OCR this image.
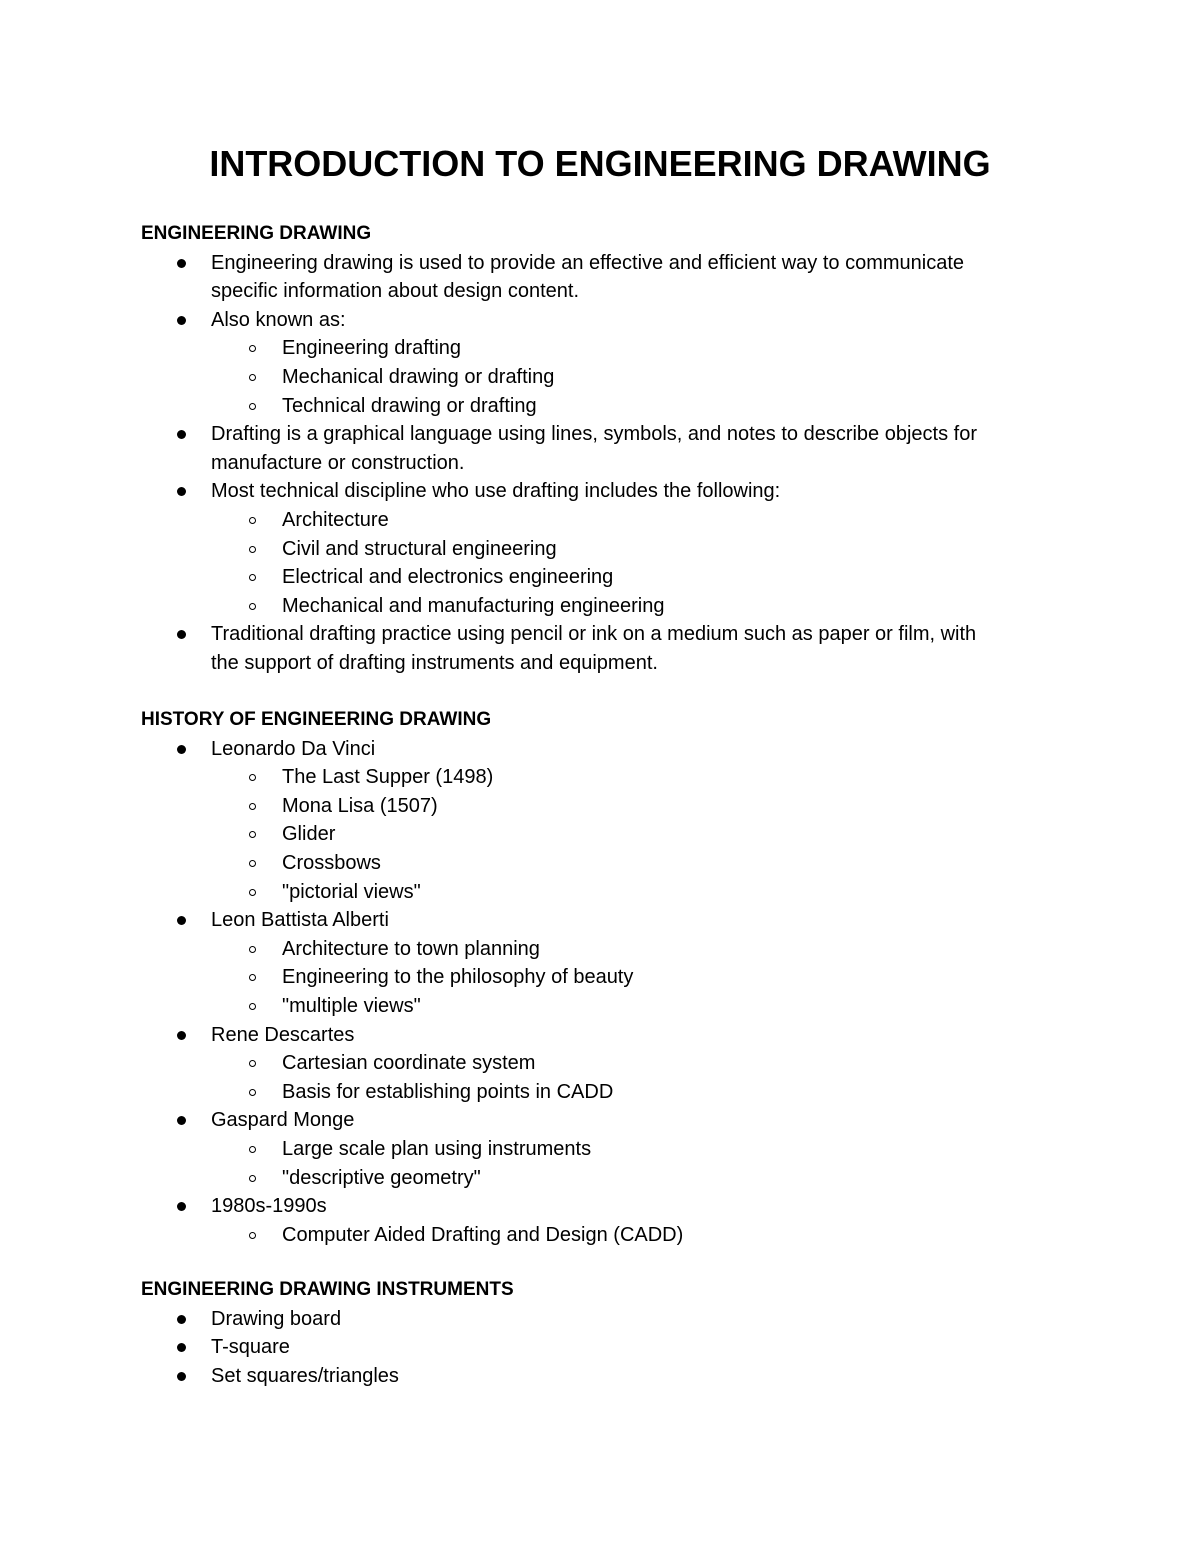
INTRODUCTION TO ENGINEERING DRAWING
ENGINEERING DRAWING
Engineering drawing is used to provide an effective and efficient way to communicate
specific information about design content.
Also known as:
Engineering drafting
Mechanical drawing or drafting
Technical drawing or drafting
Drafting is a graphical language using lines, symbols, and notes to describe objects for
manufacture or construction.
Most technical discipline who use drafting includes the following:
Architecture
Civil and structural engineering
Electrical and electronics engineering
Mechanical and manufacturing engineering
Traditional drafting practice using pencil or ink on a medium such as paper or film, with
the support of drafting instruments and equipment.
HISTORY OF ENGINEERING DRAWING
Leonardo Da Vinci
The Last Supper (1498)
Mona Lisa (1507)
Glider
Crossbows
"pictorial views"
Leon Battista Alberti
Architecture to town planning
Engineering to the philosophy of beauty
"multiple views"
Rene Descartes
Cartesian coordinate system
Basis for establishing points in CADD
Gaspard Monge
Large scale plan using instruments
"descriptive geometry"
1980s-1990s
Computer Aided Drafting and Design (CADD)
ENGINEERING DRAWING INSTRUMENTS
Drawing board
T-square
Set squares/triangles
